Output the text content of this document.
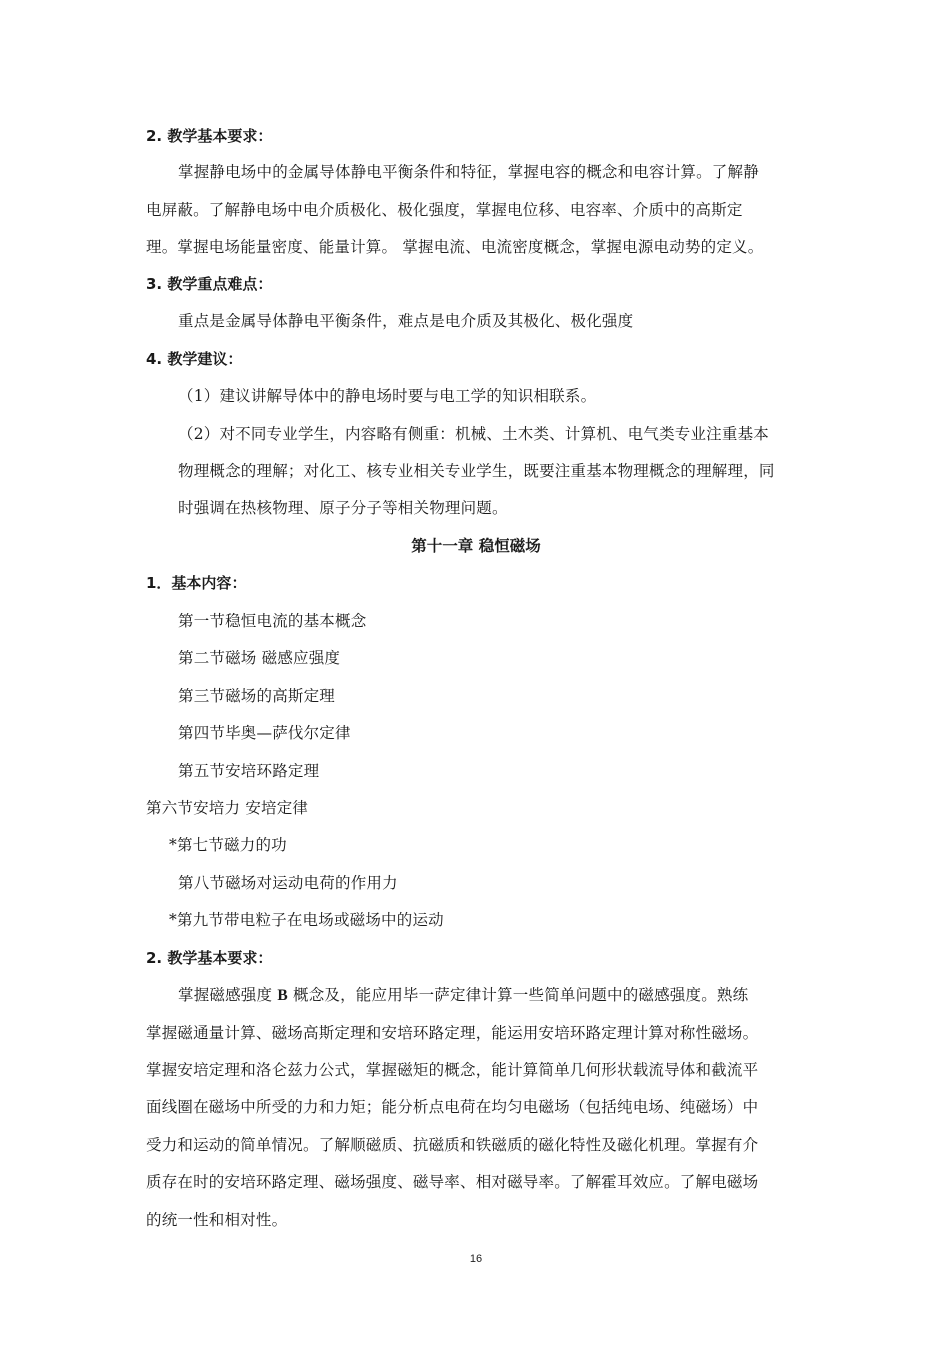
2. 教学基本要求：
掌握静电场中的金属导体静电平衡条件和特征，掌握电容的概念和电容计算。了解静
电屏蔽。了解静电场中电介质极化、极化强度，掌握电位移、电容率、介质中的高斯定
理。掌握电场能量密度、能量计算。 掌握电流、电流密度概念，掌握电源电动势的定义。
3. 教学重点难点：
重点是金属导体静电平衡条件，难点是电介质及其极化、极化强度
4. 教学建议：
（1）建议讲解导体中的静电场时要与电工学的知识相联系。
（2）对不同专业学生，内容略有侧重：机械、土木类、计算机、电气类专业注重基本
物理概念的理解；对化工、核专业相关专业学生，既要注重基本物理概念的理解理，同
时强调在热核物理、原子分子等相关物理问题。
第十一章 稳恒磁场
1．基本内容：
第一节稳恒电流的基本概念
第二节磁场 磁感应强度
第三节磁场的高斯定理
第四节毕奥—萨伐尔定律
第五节安培环路定理
第六节安培力 安培定律
*第七节磁力的功
第八节磁场对运动电荷的作用力
*第九节带电粒子在电场或磁场中的运动
2. 教学基本要求：
掌握磁感强度 B 概念及，能应用毕一萨定律计算一些简单问题中的磁感强度。熟练
掌握磁通量计算、磁场高斯定理和安培环路定理，能运用安培环路定理计算对称性磁场。
掌握安培定理和洛仑兹力公式，掌握磁矩的概念，能计算简单几何形状载流导体和截流平
面线圈在磁场中所受的力和力矩；能分析点电荷在均匀电磁场（包括纯电场、纯磁场）中
受力和运动的简单情况。了解顺磁质、抗磁质和铁磁质的磁化特性及磁化机理。掌握有介
质存在时的安培环路定理、磁场强度、磁导率、相对磁导率。了解霍耳效应。了解电磁场
的统一性和相对性。
16
